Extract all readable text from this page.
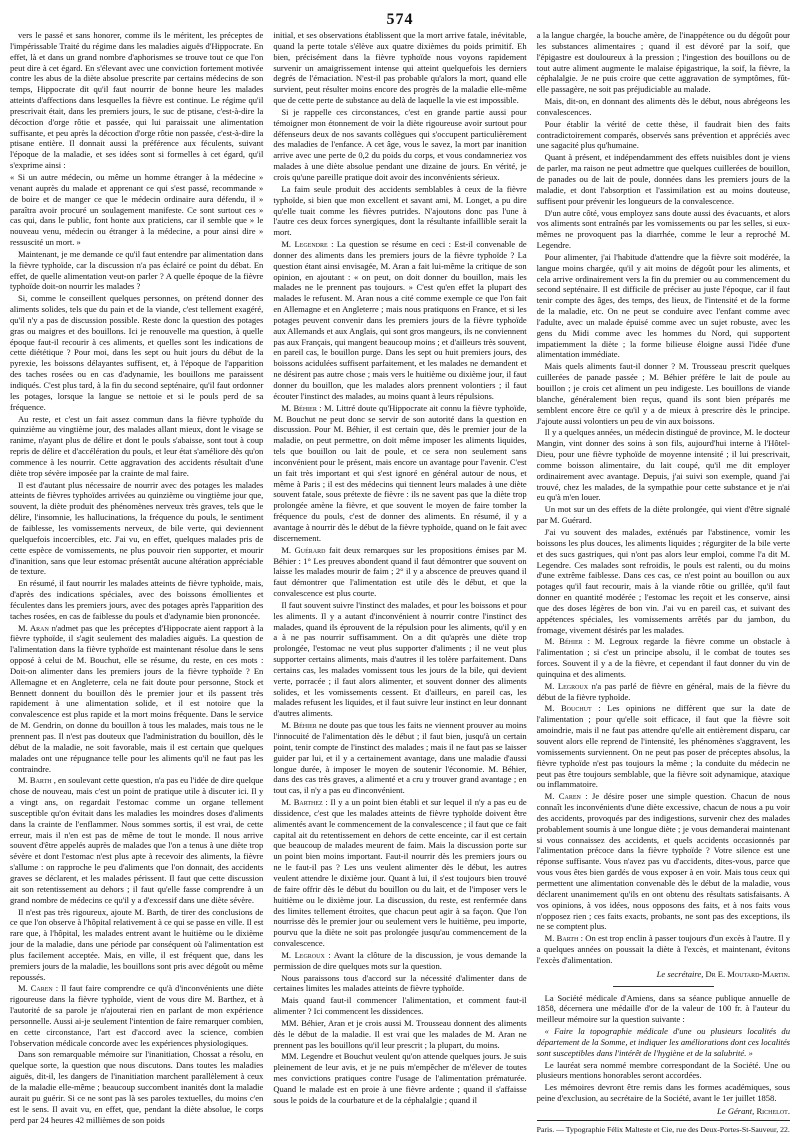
574

vers le passé et sans honorer, comme ils le méritent, les préceptes de l'impérissable Traité du régime dans les maladies aiguës d'Hippocrate. En effet, là et dans un grand nombre d'aphorismes se trouve tout ce que l'on peut dire à cet égard. En s'élevant avec une conviction fortement motivée contre les abus de la diète absolue prescrite par certains médecins de son temps, Hippocrate dit qu'il faut nourrir de bonne heure les malades atteints d'affections dans lesquelles la fièvre est continue. Le régime qu'il prescrivait était, dans les premiers jours, le suc de ptisane, c'est-à-dire la décoction d'orge rôtie et passée, qui lui paraissait une alimentation suffisante, et peu après la décoction d'orge rôtie non passée, c'est-à-dire la ptisane entière. Il donnait aussi la préférence aux féculents, suivant l'époque de la maladie, et ses idées sont si formelles à cet égard, qu'il s'exprime ainsi :

« Si un autre médecin, ou même un homme étranger à la médecine » venant auprès du malade et apprenant ce qui s'est passé, recommande » de boire et de manger ce que le médecin ordinaire aura défendu, il » paraîtra avoir procuré un soulagement manifeste. Ce sont surtout ces » cas qui, dans le public, font honte aux praticiens, car il semble que » le nouveau venu, médecin ou étranger à la médecine, a pour ainsi dire » ressuscité un mort. »

Maintenant, je me demande ce qu'il faut entendre par alimentation dans la fièvre typhoïde, car la discussion n'a pas éclairé ce point du débat. En effet, de quelle alimentation veut-on parler ? A quelle époque de la fièvre typhoïde doit-on nourrir les malades ?

Si, comme le conseillent quelques personnes, on prétend donner des aliments solides, tels que du pain et de la viande, c'est tellement exagéré, qu'il n'y a pas de discussion possible. Reste donc la question des potages gras ou maigres et des bouillons. Ici je renouvelle ma question, à quelle époque faut-il recourir à ces aliments, et quelles sont les indications de cette diététique ? Pour moi, dans les sept ou huit jours du début de la pyrexie, les boissons délayantes suffisent, et, à l'époque de l'apparition des taches rosées ou en cas d'adynamie, les bouillons me paraissent indiqués. C'est plus tard, à la fin du second septénaire, qu'il faut ordonner les potages, lorsque la langue se nettoie et si le pouls perd de sa fréquence.

Au reste, et c'est un fait assez commun dans la fièvre typhoïde du quinzième au vingtième jour, des malades allant mieux, dont le visage se ranime, n'ayant plus de délire et dont le pouls s'abaisse, sont tout à coup repris de délire et d'accélération du pouls, et leur état s'améliore dès qu'on commence à les nourrir. Cette aggravation des accidents résultait d'une diète trop sévère imposée par la crainte de mal faire.

Il est d'autant plus nécessaire de nourrir avec des potages les malades atteints de fièvres typhoïdes arrivées au quinzième ou vingtième jour que, souvent, la diète produit des phénomènes nerveux très graves, tels que le délire, l'insomnie, les hallucinations, la fréquence du pouls, le sentiment de faiblesse, les vomissements nerveux, de bile verte, qui deviennent quelquefois incoercibles, etc. J'ai vu, en effet, quelques malades pris de cette espèce de vomissements, ne plus pouvoir rien supporter, et mourir d'inanition, sans que leur estomac présentât aucune altération appréciable de texture.

En résumé, il faut nourrir les malades atteints de fièvre typhoïde, mais, d'après des indications spéciales, avec des boissons émollientes et féculentes dans les premiers jours, avec des potages après l'apparition des taches rosées, en cas de faiblesse du pouls et d'adynamie bien prononcée.

M. Aran n'admet pas que les préceptes d'Hippocrate aient rapport à la fièvre typhoïde, il s'agit seulement des maladies aiguës. La question de l'alimentation dans la fièvre typhoïde est maintenant résolue dans le sens opposé à celui de M. Bouchut, elle se résume, du reste, en ces mots : Doit-on alimenter dans les premiers jours de la fièvre typhoïde ? En Allemagne et en Angleterre, cela ne fait doute pour personne, Stock et Bennett donnent du bouillon dès le premier jour et ils passent très rapidement à une alimentation solide, et il est notoire que la convalescence est plus rapide et la mort moins fréquente. Dans le service de M. Gendrin, on donne du bouillon à tous les malades, mais tous ne le prennent pas. Il n'est pas douteux que l'administration du bouillon, dès le début de la maladie, ne soit favorable, mais il est certain que quelques malades ont une répugnance telle pour les aliments qu'il ne faut pas les contraindre.

M. Barth , en soulevant cette question, n'a pas eu l'idée de dire quelque chose de nouveau, mais c'est un point de pratique utile à discuter ici. Il y a vingt ans, on regardait l'estomac comme un organe tellement susceptible qu'on évitait dans les maladies les moindres doses d'aliments dans la crainte de l'enflammer. Nous sommes sortis, il est vrai, de cette erreur, mais il n'en est pas de même de tout le monde. Il nous arrive souvent d'être appelés auprès de malades que l'on a tenus à une diète trop sévère et dont l'estomac n'est plus apte à recevoir des aliments, la fièvre s'allume : on rapproche le peu d'aliments que l'on donnait, des accidents graves se déclarent, et les malades périssent. Il faut que cette discussion ait son retentissement au dehors ; il faut qu'elle fasse comprendre à un grand nombre de médecins ce qu'il y a d'excessif dans une diète sévère.

Il n'est pas très rigoureux, ajoute M. Barth, de tirer des conclusions de ce que l'on observe à l'hôpital relativement à ce qui se passe en ville. Il est rare que, à l'hôpital, les malades entrent avant le huitième ou le dixième jour de la maladie, dans une période par conséquent où l'alimentation est plus facilement acceptée. Mais, en ville, il est fréquent que, dans les premiers jours de la maladie, les bouillons sont pris avec dégoût ou même repoussés.

M. Caren : Il faut faire comprendre ce qu'à d'inconvénients une diète rigoureuse dans la fièvre typhoïde, vient de vous dire M. Barthez, et à l'autorité de sa parole je n'ajouterai rien en parlant de mon expérience personnelle. Aussi ai-je seulement l'intention de faire remarquer combien, en cette circonstance, l'art est d'accord avec la science, combien l'observation médicale concorde avec les expériences physiologiques.

Dans son remarquable mémoire sur l'inanitiation, Chossat a résolu, en quelque sorte, la question que nous discutons. Dans toutes les maladies aiguës, dit-il, les dangers de l'inanitiation marchent parallèlement à ceux de la maladie elle-même ; beaucoup succombent inanités dont la maladie aurait pu guérir. Si ce ne sont pas là ses paroles textuelles, du moins c'en est le sens. Il avait vu, en effet, que, pendant la diète absolue, le corps perd par 24 heures 42 millièmes de son poids

initial, et ses observations établissent que la mort arrive fatale, inévitable, quand la perte totale s'élève aux quatre dixièmes du poids primitif. Eh bien, précisément dans la fièvre typhoïde nous voyons rapidement survenir un amaigrissement intense qui atteint quelquefois les derniers degrés de l'émaciation. N'est-il pas probable qu'alors la mort, quand elle survient, peut résulter moins encore des progrès de la maladie elle-même que de cette perte de substance au delà de laquelle la vie est impossible.

Si je rappelle ces circonstances, c'est en grande partie aussi pour témoigner mon étonnement de voir la diète rigoureuse avoir surtout pour défenseurs deux de nos savants collègues qui s'occupent particulièrement des maladies de l'enfance. A cet âge, vous le savez, la mort par inanition arrive avec une perte de 0,2 du poids du corps, et vous condamneriez vos malades à une diète absolue pendant une dizaine de jours. En vérité, je crois qu'une pareille pratique doit avoir des inconvénients sérieux.

La faim seule produit des accidents semblables à ceux de la fièvre typhoïde, si bien que mon excellent et savant ami, M. Longet, a pu dire qu'elle tuait comme les fièvres putrides. N'ajoutons donc pas l'une à l'autre ces deux forces synergiques, dont la résultante infaillible serait la mort.

M. Legendre : La question se résume en ceci : Est-il convenable de donner des aliments dans les premiers jours de la fièvre typhoïde ? La question étant ainsi envisagée, M. Aran a fait lui-même la critique de son opinion, en ajoutant : « on peut, on doit donner du bouillon, mais les malades ne le prennent pas toujours. » C'est qu'en effet la plupart des malades le refusent. M. Aran nous a cité comme exemple ce que l'on fait en Allemagne et en Angleterre ; mais nous pratiquons en France, et si les potages peuvent convenir dans les premiers jours de la fièvre typhoïde aux Allemands et aux Anglais, qui sont gros mangeurs, ils ne conviennent pas aux Français, qui mangent beaucoup moins ; et d'ailleurs très souvent, en pareil cas, le bouillon purge. Dans les sept ou huit premiers jours, des boissons acidulées suffisent parfaitement, et les malades ne demandent et ne désirent pas autre chose ; mais vers le huitième ou dixième jour, il faut donner du bouillon, que les malades alors prennent volontiers ; il faut écouter l'instinct des malades, au moins quant à leurs répulsions.

M. Béhier : M. Littré doute qu'Hippocrate ait connu la fièvre typhoïde, M. Bouchut ne peut donc se servir de son autorité dans la question en discussion. Pour M. Béhier, il est certain que, dès le premier jour de la maladie, on peut permettre, on doit même imposer les aliments liquides, tels que bouillon ou lait de poule, et ce sera non seulement sans inconvénient pour le présent, mais encore un avantage pour l'avenir. C'est un fait très important et qui s'est ignoré en général autour de nous, et même à Paris ; il est des médecins qui tiennent leurs malades à une diète souvent fatale, sous prétexte de fièvre : ils ne savent pas que la diète trop prolongée amène la fièvre, et que souvent le moyen de faire tomber la fréquence du pouls, c'est de donner des aliments. En résumé, il y a avantage à nourrir dès le début de la fièvre typhoïde, quand on le fait avec discernement.

M. Guérard fait deux remarques sur les propositions émises par M. Béhier : 1° Les preuves abondent quand il faut démontrer que souvent on laisse les malades mourir de faim ; 2° il y a abscence de preuves quand il faut démontrer que l'alimentation est utile dès le début, et que la convalescence est plus courte.

Il faut souvent suivre l'instinct des malades, et pour les boissons et pour les aliments. Il y a autant d'inconvénient à nourrir contre l'instinct des malades, quand ils éprouvent de la répulsion pour les aliments, qu'il y en a à ne pas nourrir suffisamment. On a dit qu'après une diète trop prolongée, l'estomac ne veut plus supporter d'aliments ; il ne veut plus supporter certains aliments, mais d'autres il les tolère parfaitement. Dans certains cas, les malades vomissent tous les jours de la bile, qui devient verte, porracée ; il faut alors alimenter, et souvent donner des aliments solides, et les vomissements cessent. Et d'ailleurs, en pareil cas, les malades refusent les liquides, et il faut suivre leur instinct en leur donnant d'autres aliments.

M. Béhier ne doute pas que tous les faits ne viennent prouver au moins l'innocuité de l'alimentation dès le début ; il faut bien, jusqu'à un certain point, tenir compte de l'instinct des malades ; mais il ne faut pas se laisser guider par lui, et il y a certainement avantage, dans une maladie d'aussi longue durée, à imposer le moyen de soutenir l'économie. M. Béhier, dans des cas très graves, a alimenté et a cru y trouver grand avantage ; en tout cas, il n'y a pas eu d'inconvénient.

M. Barthez : Il y a un point bien établi et sur lequel il n'y a pas eu de dissidence, c'est que les malades atteints de fièvre typhoïde doivent être alimentés avant le commencement de la convalescence ; il faut que ce fait capital ait du retentissement en dehors de cette enceinte, car il est certain que beaucoup de malades meurent de faim. Mais la discussion porte sur un point bien moins important. Faut-il nourrir dès les premiers jours ou ne le faut-il pas ? Les uns veulent alimenter dès le début, les autres veulent attendre le dixième jour. Quant à lui, il s'est toujours bien trouvé de faire offrir dès le début du bouillon ou du lait, et de l'imposer vers le huitième ou le dixième jour. La discussion, du reste, est renfermée dans des limites tellement étroites, que chacun peut agir à sa façon. Que l'on nourrisse dès le premier jour ou seulement vers le huitième, peu importe, pourvu que la diète ne soit pas prolongée jusqu'au commencement de la convalescence.

M. Legroux : Avant la clôture de la discussion, je vous demande la permission de dire quelques mots sur la question.

Nous paraissons tous d'accord sur la nécessité d'alimenter dans de certaines limites les malades atteints de fièvre typhoïde.

Mais quand faut-il commencer l'alimentation, et comment faut-il alimenter ? Ici commencent les dissidences.

MM. Béhier, Aran et je crois aussi M. Trousseau donnent des aliments dès le début de la maladie. Il est vrai que les malades de M. Aran ne prennent pas les bouillons qu'il leur prescrit ; la plupart, du moins.

MM. Legendre et Bouchut veulent qu'on attende quelques jours. Je suis pleinement de leur avis, et je ne puis m'empêcher de m'élever de toutes mes convictions pratiques contre l'usage de l'alimentation prématurée. Quand le malade est en proie à une fièvre ardente ; quand il s'affaisse sous le poids de la courbature et de la céphalalgie ; quand il

a la langue chargée, la bouche amère, de l'inappétence ou du dégoût pour les substances alimentaires ; quand il est dévoré par la soif, que l'épigastre est douloureux à la pression ; l'ingestion des bouillons ou de tout autre aliment augmente le malaise épigastrique, la soif, la fièvre, la céphalalgie. Je ne puis croire que cette aggravation de symptômes, fût-elle passagère, ne soit pas préjudiciable au malade.

Mais, dit-on, en donnant des aliments dès le début, nous abrégeons les convalescences.

Pour établir la vérité de cette thèse, il faudrait bien des faits contradictoirement comparés, observés sans prévention et appréciés avec une sagacité plus qu'humaine.

Quant à présent, et indépendamment des effets nuisibles dont je viens de parler, ma raison ne peut admettre que quelques cuillerées de bouillon, de panades ou de lait de poule, données dans les premiers jours de la maladie, et dont l'absorption et l'assimilation est au moins douteuse, suffisent pour prévenir les longueurs de la convalescence.

D'un autre côté, vous employez sans doute aussi des évacuants, et alors vos aliments sont entraînés par les vomissements ou par les selles, si eux-mêmes ne provoquent pas la diarrhée, comme le leur a reproché M. Legendre.

Pour alimenter, j'ai l'habitude d'attendre que la fièvre soit modérée, la langue moins chargée, qu'il y ait moins de dégoût pour les aliments, et cela arrive ordinairement vers la fin du premier ou au commencement du second septénaire. Il est difficile de préciser au juste l'époque, car il faut tenir compte des âges, des temps, des lieux, de l'intensité et de la forme de la maladie, etc. On ne peut se conduire avec l'enfant comme avec l'adulte, avec un malade épuisé comme avec un sujet robuste, avec les gens du Midi comme avec les hommes du Nord, qui supportent impatiemment la diète ; la forme bilieuse éloigne aussi l'idée d'une alimentation immédiate.

Mais quels aliments faut-il donner ? M. Trousseau prescrit quelques cuillerées de panade passée ; M. Béhier préfère le lait de poule au bouillon ; je crois cet aliment un peu indigeste. Les bouillons de viande blanche, généralement bien reçus, quand ils sont bien préparés me semblent encore être ce qu'il y a de mieux à prescrire dès le principe. J'ajoute aussi volontiers un peu de vin aux boissons.

Il y a quelques années, un médecin distingué de province, M. le docteur Mangin, vint donner des soins à son fils, aujourd'hui interne à l'Hôtel-Dieu, pour une fièvre typhoïde de moyenne intensité ; il lui prescrivait, comme boisson alimentaire, du lait coupé, qu'il me dit employer ordinairement avec avantage. Depuis, j'ai suivi son exemple, quand j'ai trouvé, chez les malades, de la sympathie pour cette substance et je n'ai eu qu'à m'en louer.

Un mot sur un des effets de la diète prolongée, qui vient d'être signalé par M. Guérard.

J'ai vu souvent des malades, exténués par l'abstinence, vomir les boissons les plus douces, les aliments liquides ; régurgiter de la bile verte et des sucs gastriques, qui n'ont pas alors leur emploi, comme l'a dit M. Legendre. Ces malades sont refroidis, le pouls est ralenti, ou du moins d'une extrême faiblesse. Dans ces cas, ce n'est point au bouillon ou aux potages qu'il faut recourir, mais à la viande rôtie ou grillée, qu'il faut donner en quantité modérée ; l'estomac les reçoit et les conserve, ainsi que des doses légères de bon vin. J'ai vu en pareil cas, et suivant des appétences spéciales, les vomissements arrêtés par du jambon, du fromage, vivement désirés par les malades.

M. Béhier : M. Legroux regarde la fièvre comme un obstacle à l'alimentation ; si c'est un principe absolu, il le combat de toutes ses forces. Souvent il y a de la fièvre, et cependant il faut donner du vin de quinquina et des aliments.

M. Legroux n'a pas parlé de fièvre en général, mais de la fièvre du début de la fièvre typhoïde.

M. Bouchut : Les opinions ne diffèrent que sur la date de l'alimentation ; pour qu'elle soit efficace, il faut que la fièvre soit amoindrie, mais il ne faut pas attendre qu'elle ait entièrement disparu, car souvent alors elle reprend de l'intensité, les phénomènes s'aggravent, les vomissements surviennent. On ne peut pas poser de préceptes absolus, la fièvre typhoïde n'est pas toujours la même ; la conduite du médecin ne peut pas être toujours semblable, que la fièvre soit adynamique, ataxique ou inflammatoire.

M. Caren : Je désire poser une simple question. Chacun de nous connaît les inconvénients d'une diète excessive, chacun de nous a pu voir des accidents, provoqués par des indigestions, survenir chez des malades probablement soumis à une longue diète ; je vous demanderai maintenant si vous connaissez des accidents, et quels accidents occasionnés par l'alimentation précoce dans la fièvre typhoïde ? Votre silence est une réponse suffisante. Vous n'avez pas vu d'accidents, dites-vous, parce que vous vous êtes bien gardés de vous exposer à en voir. Mais tous ceux qui permettent une alimentation convenable dès le début de la maladie, vous déclarent unanimement qu'ils en ont obtenu des résultats satisfaisants. A vos opinions, à vos idées, nous opposons des faits, et à nos faits vous n'opposez rien ; ces faits exacts, probants, ne sont pas des exceptions, ils ne se comptent plus.

M. Barth : On est trop enclin à passer toujours d'un excès à l'autre. Il y a quelques années on poussait la diète à l'excès, et maintenant, évitons l'excès d'alimentation.

Le secrétaire, Dr E. Moutard-Martin.

La Société médicale d'Amiens, dans sa séance publique annuelle de 1858, décernera une médaille d'or de la valeur de 100 fr. à l'auteur du meilleur mémoire sur la question suivante :

« Faire la topographie médicale d'une ou plusieurs localités du département de la Somme, et indiquer les améliorations dont ces localités sont susceptibles dans l'intérêt de l'hygiène et de la salubrité. »

Le lauréat sera nommé membre correspondant de la Société. Une ou plusieurs mentions honorables seront accordées.

Les mémoires devront être remis dans les formes académiques, sous peine d'exclusion, au secrétaire de la Société, avant le 1er juillet 1858.

Le Gérant, Richelot.
Paris. — Typographie Félix Malteste et Cie, rue des Deux-Portes-St-Sauveur, 22.
